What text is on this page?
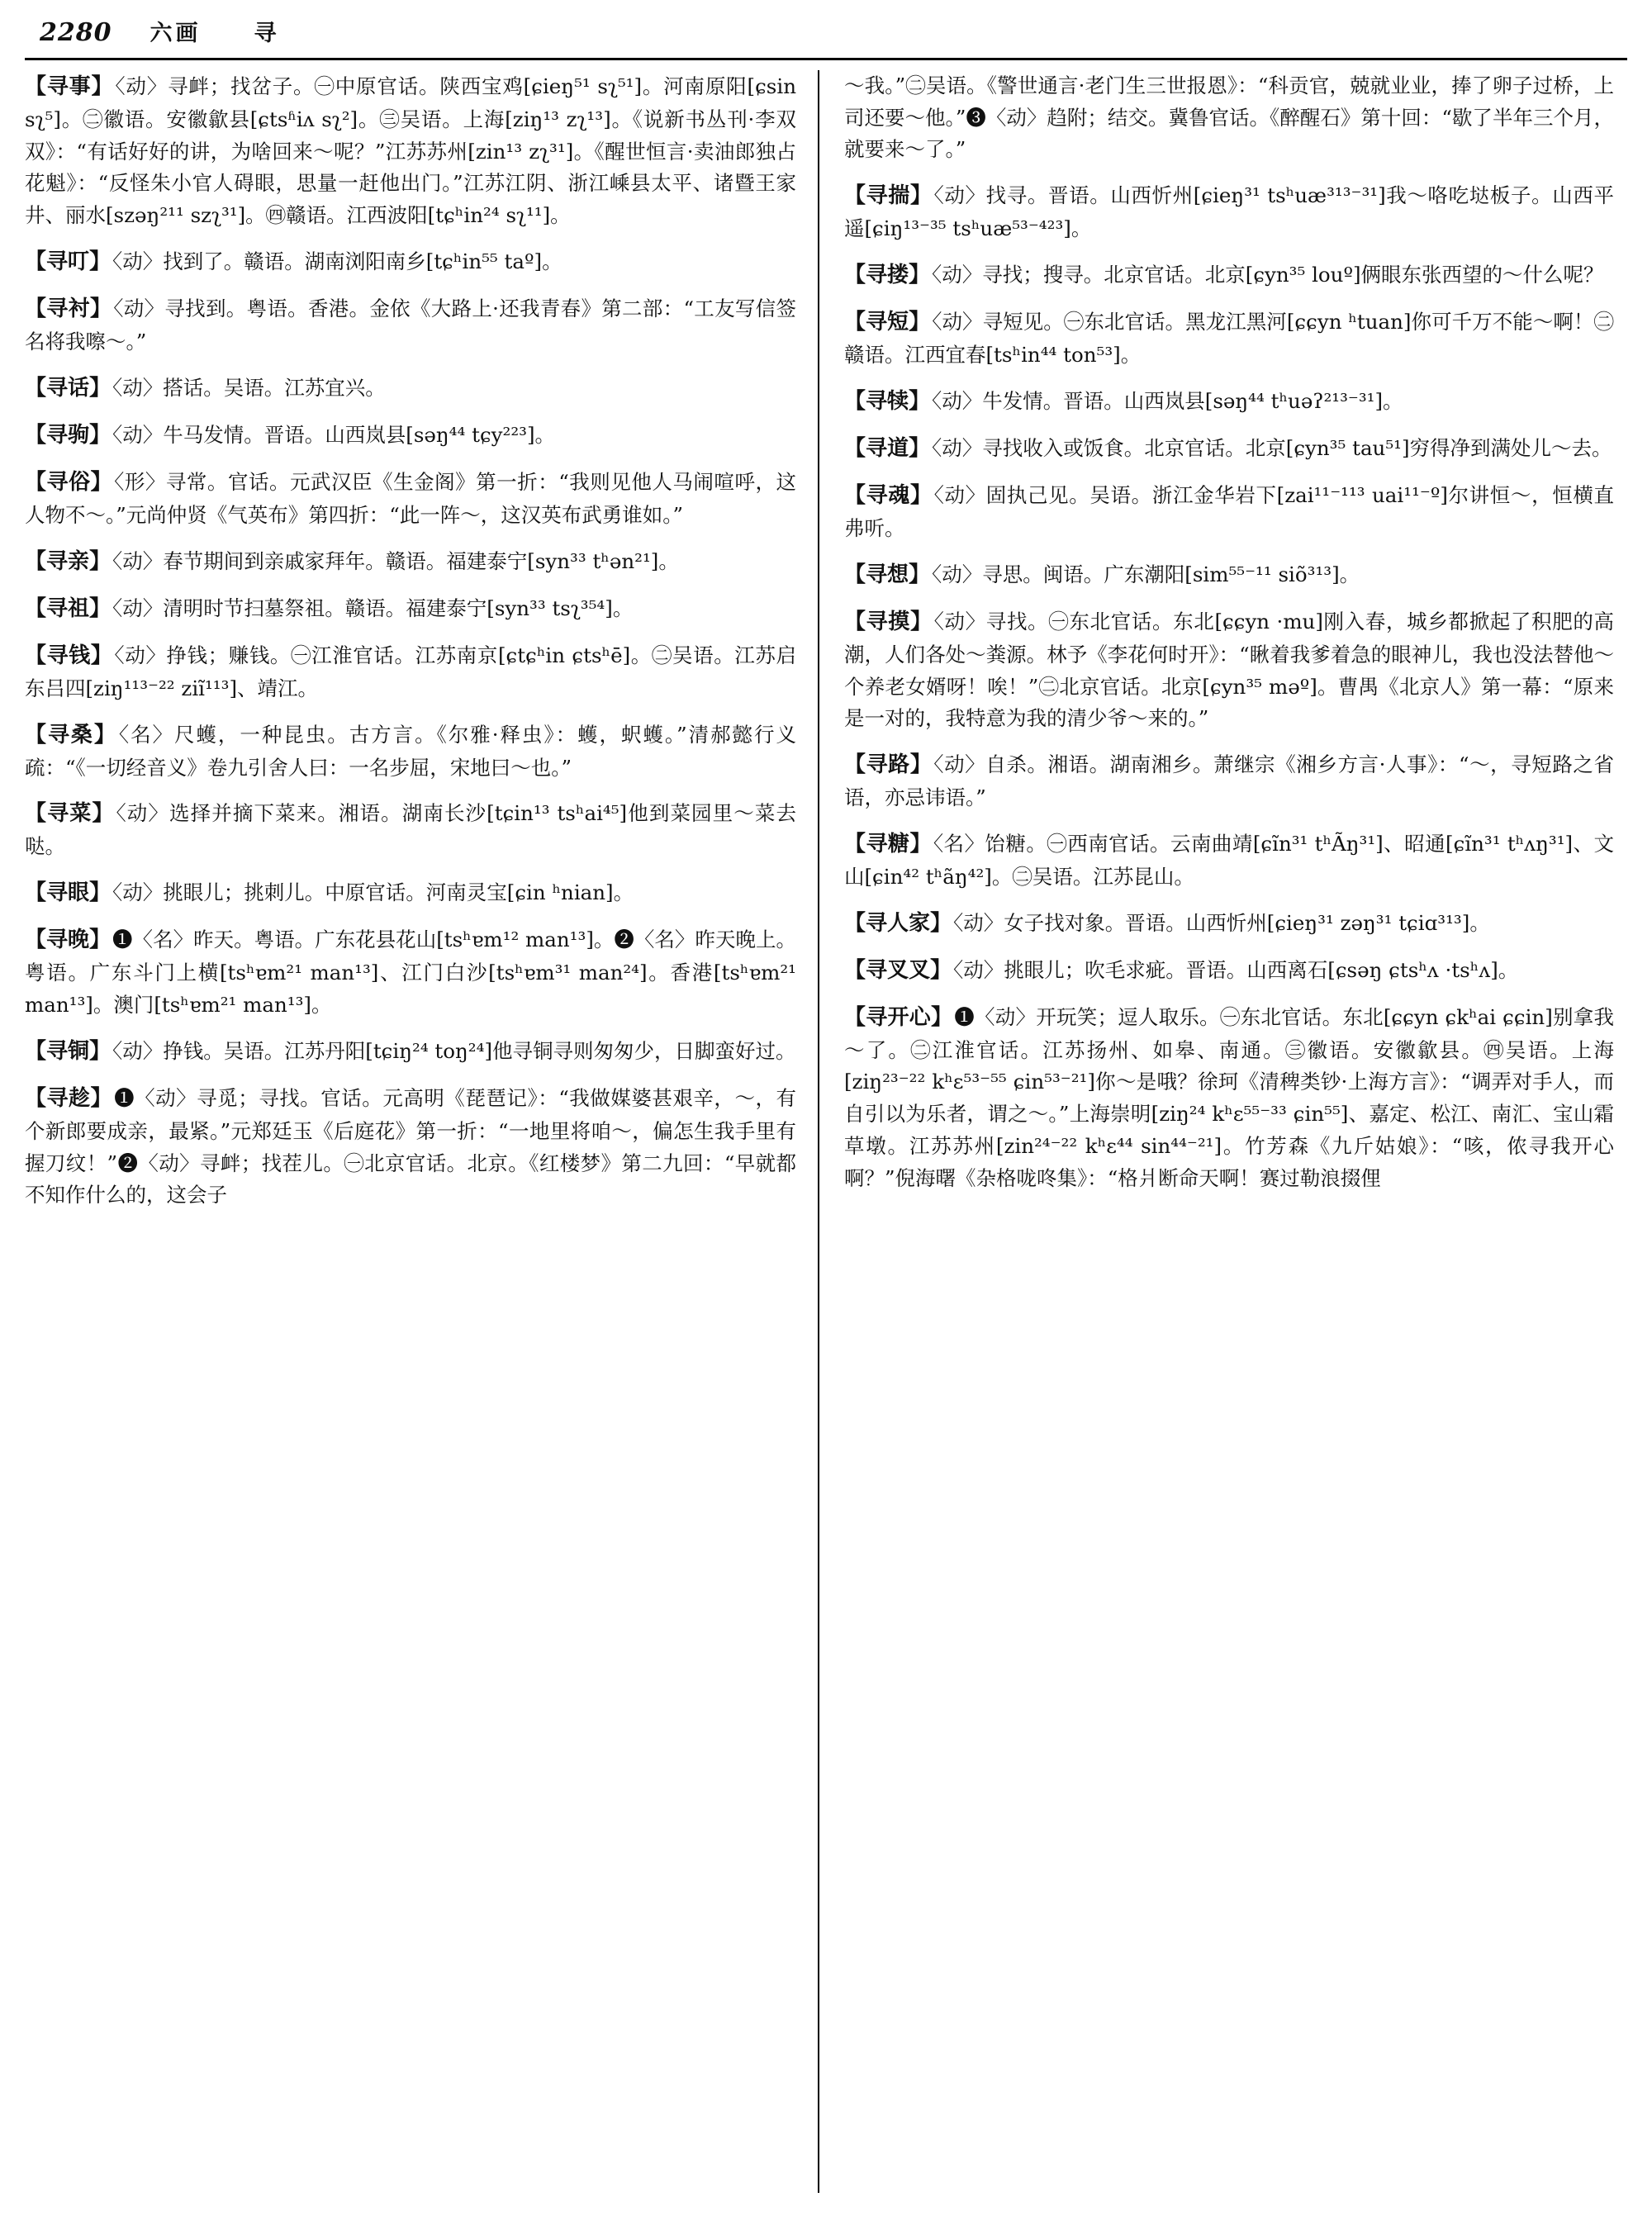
2280 六画 寻
【寻事】〈动〉寻衅；找岔子。㊀中原官话。陕西宝鸡[ɕieŋ⁵¹ sʅ⁵¹]。河南原阳[ɕsin sʅ⁵]。㊁徽语。安徽歙县[ɕtsʱiʌ sʅ²]。㊂吴语。上海[ziŋ¹³ zʅ¹³]。《说新书丛刊·李双双》：“有话好好的讲，为啥回来～呢？”江苏苏州[zin¹³ zʅ³¹]。《醒世恒言·卖油郎独占花魁》：“反怪朱小官人碍眼，思量一赶他出门。”江苏江阴、浙江嵊县太平、诸暨王家井、丽水[szəŋ²¹¹ szʅ³¹]。㊃赣语。江西波阳[tɕʰin²⁴ sʅ¹¹]。
【寻叮】〈动〉找到了。赣语。湖南浏阳南乡[tɕʰin⁵⁵ taº]。
【寻衬】〈动〉寻找到。粤语。香港。金依《大路上·还我青春》第二部：“工友写信签名将我嚓～。”
【寻话】〈动〉搭话。吴语。江苏宜兴。
【寻驹】〈动〉牛马发情。晋语。山西岚县[səŋ⁴⁴ tɕy²²³]。
【寻俗】〈形〉寻常。官话。元武汉臣《生金阁》第一折：“我则见他人马闹喧呼，这人物不～。”元尚仲贤《气英布》第四折：“此一阵～，这汉英布武勇谁如。”
【寻亲】〈动〉春节期间到亲戚家拜年。赣语。福建泰宁[syn³³ tʰən²¹]。
【寻祖】〈动〉清明时节扫墓祭祖。赣语。福建泰宁[syn³³ tsʅ³⁵⁴]。
【寻钱】〈动〉挣钱；赚钱。㊀江淮官话。江苏南京[ɕtɕʰin ɕtsʰē]。㊁吴语。江苏启东吕四[ziŋ¹¹³⁻²² ziĩ¹¹³]、靖江。
【寻桑】〈名〉尺蠖，一种昆虫。古方言。《尔雅·释虫》：蠖，蚇蠖。”清郝懿行义疏：“《一切经音义》卷九引舍人曰：一名步屈，宋地曰～也。”
【寻菜】〈动〉选择并摘下菜来。湘语。湖南长沙[tɕin¹³ tsʰai⁴⁵]他到菜园里～菜去哒。
【寻眼】〈动〉挑眼儿；挑刺儿。中原官话。河南灵宝[ɕin ʰnian]。
【寻晚】❶〈名〉昨天。粤语。广东花县花山[tsʰɐm¹² man¹³]。❷〈名〉昨天晚上。粤语。广东斗门上横[tsʰɐm²¹ man¹³]、江门白沙[tsʰɐm³¹ man²⁴]。香港[tsʰɐm²¹ man¹³]。澳门[tsʰɐm²¹ man¹³]。
【寻铜】〈动〉挣钱。吴语。江苏丹阳[tɕiŋ²⁴ toŋ²⁴]他寻铜寻则匆匆少，日脚蛮好过。
【寻趁】❶〈动〉寻觅；寻找。官话。元高明《琵琶记》：“我做媒婆甚艰辛，～，有个新郎要成亲，最紧。”元郑廷玉《后庭花》第一折：“一地里将咱～，偏怎生我手里有握刀纹！”❷〈动〉寻衅；找茬儿。㊀北京官话。北京。《红楼梦》第二九回：“早就都不知作什么的，这会子
～我。”㊁吴语。《警世通言·老门生三世报恩》：“科贡官，兢就业业，捧了卵子过桥，上司还要～他。”❸〈动〉趋附；结交。冀鲁官话。《醉醒石》第十回：“歇了半年三个月，就要来～了。”
【寻揣】〈动〉找寻。晋语。山西忻州[ɕieŋ³¹ tsʰuæ³¹³⁻³¹]我～咯吃垯板子。山西平遥[ɕiŋ¹³⁻³⁵ tsʰuæ⁵³⁻⁴²³]。
【寻搂】〈动〉寻找；搜寻。北京官话。北京[ɕyn³⁵ louº]俩眼东张西望的～什么呢？
【寻短】〈动〉寻短见。㊀东北官话。黑龙江黑河[ɕɕyn ʰtuan]你可千万不能～啊！㊁赣语。江西宜春[tsʰin⁴⁴ ton⁵³]。
【寻犊】〈动〉牛发情。晋语。山西岚县[səŋ⁴⁴ tʰuəʔ²¹³⁻³¹]。
【寻道】〈动〉寻找收入或饭食。北京官话。北京[ɕyn³⁵ tau⁵¹]穷得净到满处儿～去。
【寻魂】〈动〉固执己见。吴语。浙江金华岩下[zai¹¹⁻¹¹³ uai¹¹⁻º]尔讲恒～，恒横直弗听。
【寻想】〈动〉寻思。闽语。广东潮阳[sim⁵⁵⁻¹¹ siõ³¹³]。
【寻摸】〈动〉寻找。㊀东北官话。东北[ɕɕyn ·mu]刚入春，城乡都掀起了积肥的高潮，人们各处～粪源。林予《李花何时开》：“瞅着我爹着急的眼神儿，我也没法替他～个养老女婿呀！唉！”㊁北京官话。北京[ɕyn³⁵ məº]。曹禺《北京人》第一幕：“原来是一对的，我特意为我的清少爷～来的。”
【寻路】〈动〉自杀。湘语。湖南湘乡。萧继宗《湘乡方言·人事》：“～，寻短路之省语，亦忌讳语。”
【寻糖】〈名〉饴糖。㊀西南官话。云南曲靖[ɕĩn³¹ tʰÃŋ³¹]、昭通[ɕĩn³¹ tʰʌŋ³¹]、文山[ɕin⁴² tʰãŋ⁴²]。㊁吴语。江苏昆山。
【寻人家】〈动〉女子找对象。晋语。山西忻州[ɕieŋ³¹ zəŋ³¹ tɕiɑ³¹³]。
【寻叉叉】〈动〉挑眼儿；吹毛求疵。晋语。山西离石[ɕsəŋ ɕtsʰʌ ·tsʰʌ]。
【寻开心】❶〈动〉开玩笑；逗人取乐。㊀东北官话。东北[ɕɕyn ɕkʰai ɕɕin]别拿我～了。㊁江淮官话。江苏扬州、如皋、南通。㊂徽语。安徽歙县。㊃吴语。上海[ziŋ²³⁻²² kʰɛ⁵³⁻⁵⁵ ɕin⁵³⁻²¹]你～是哦？徐珂《清稗类钞·上海方言》：“调弄对手人，而自引以为乐者，谓之～。”上海崇明[ziŋ²⁴ kʰɛ⁵⁵⁻³³ ɕin⁵⁵]、嘉定、松江、南汇、宝山霜草墩。江苏苏州[zin²⁴⁻²² kʰɛ⁴⁴ sin⁴⁴⁻²¹]。竹芳森《九斤姑娘》：“咳，侬寻我开心啊？”倪海曙《杂格咙咚集》：“格爿断命天啊！赛过勒浪掇俚
